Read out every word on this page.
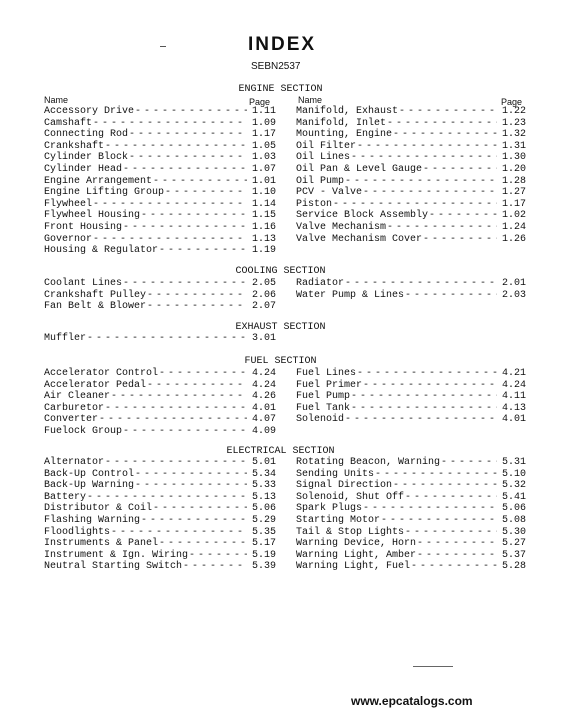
INDEX
SEBN2537
ENGINE SECTION
Name	Page	Name	Page
Accessory Drive - - -	1.11
Camshaft - - -	1.09
Connecting Rod - - -	1.17
Crankshaft - - -	1.05
Cylinder Block - - -	1.03
Cylinder Head - - -	1.07
Engine Arrangement - - -	1.01
Engine Lifting Group - - -	1.10
Flywheel - - -	1.14
Flywheel Housing - - -	1.15
Front Housing - - -	1.16
Governor - - -	1.13
Housing & Regulator - - -	1.19
Manifold, Exhaust - - -	1.22
Manifold, Inlet - - -	1.23
Mounting, Engine - - -	1.32
Oil Filter - - -	1.31
Oil Lines - - -	1.30
Oil Pan & Level Gauge - - -	1.20
Oil Pump - - -	1.28
PCV - Valve - - -	1.27
Piston - - -	1.17
Service Block Assembly - - -	1.02
Valve Mechanism - - -	1.24
Valve Mechanism Cover - - -	1.26
COOLING SECTION
Coolant Lines - - -	2.05
Crankshaft Pulley - - -	2.06
Fan Belt & Blower - - -	2.07
Radiator - - -	2.01
Water Pump & Lines - - -	2.03
EXHAUST SECTION
Muffler - - -	3.01
FUEL SECTION
Accelerator Control - - -	4.24
Accelerator Pedal - - -	4.24
Air Cleaner - - -	4.26
Carburetor - - -	4.01
Converter - - -	4.07
Fuelock Group - - -	4.09
Fuel Lines - - -	4.21
Fuel Primer - - -	4.24
Fuel Pump - - -	4.11
Fuel Tank - - -	4.13
Solenoid - - -	4.01
ELECTRICAL SECTION
Alternator - - -	5.01
Back-Up Control - - -	5.34
Back-Up Warning - - -	5.33
Battery - - -	5.13
Distributor & Coil - - -	5.06
Flashing Warning - - -	5.29
Floodlights - - -	5.35
Instruments & Panel - - -	5.17
Instrument & Ign. Wiring - - -	5.19
Neutral Starting Switch - - -	5.39
Rotating Beacon, Warning - - -	5.31
Sending Units - - -	5.10
Signal Direction - - -	5.32
Solenoid, Shut Off - - -	5.41
Spark Plugs - - -	5.06
Starting Motor - - -	5.08
Tail & Stop Lights - - -	5.30
Warning Device, Horn - - -	5.27
Warning Light, Amber - - -	5.37
Warning Light, Fuel - - -	5.28
www.epcatalogs.com
